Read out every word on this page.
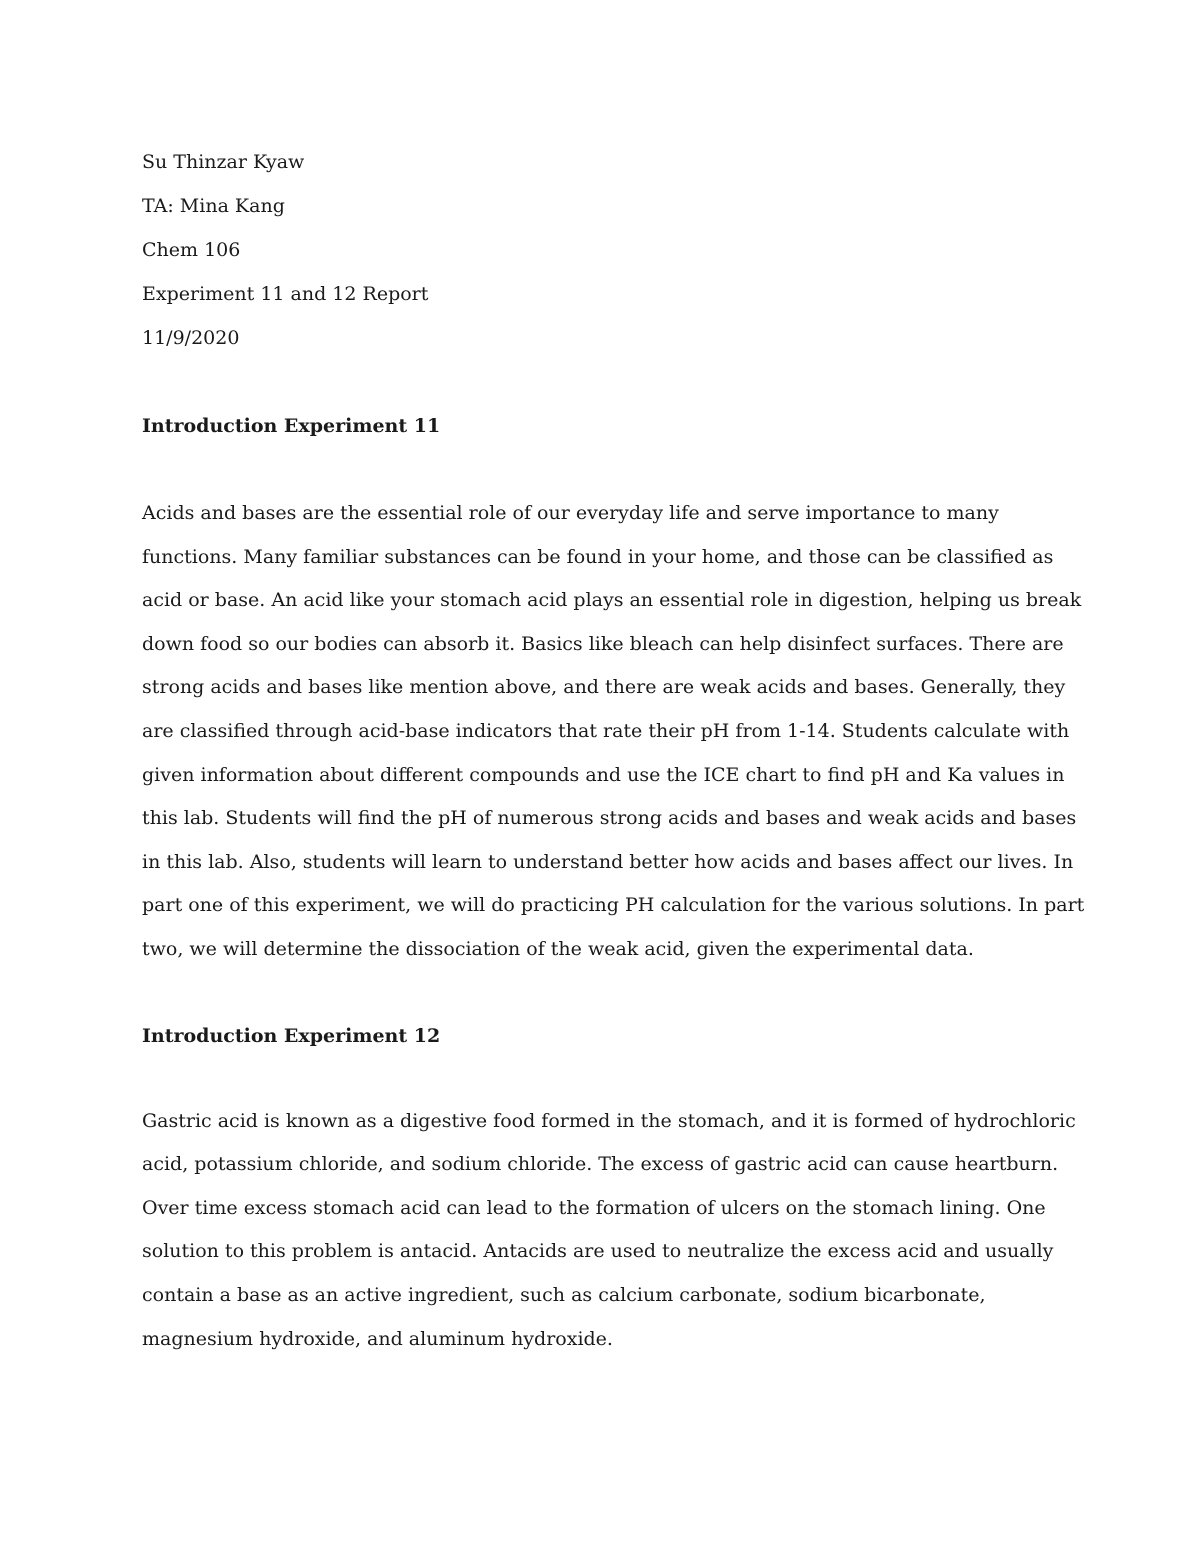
Su Thinzar Kyaw

TA: Mina Kang

Chem 106

Experiment 11 and 12 Report

11/9/2020

Introduction Experiment 11

Acids and bases are the essential role of our everyday life and serve importance to many

functions. Many familiar substances can be found in your home, and those can be classified as

acid or base. An acid like your stomach acid plays an essential role in digestion, helping us break

down food so our bodies can absorb it. Basics like bleach can help disinfect surfaces. There are

strong acids and bases like mention above, and there are weak acids and bases. Generally, they

are classified through acid-base indicators that rate their pH from 1-14. Students calculate with

given information about different compounds and use the ICE chart to find pH and Ka values in

this lab. Students will find the pH of numerous strong acids and bases and weak acids and bases

in this lab. Also, students will learn to understand better how acids and bases affect our lives. In

part one of this experiment, we will do practicing PH calculation for the various solutions. In part

two, we will determine the dissociation of the weak acid, given the experimental data.

Introduction Experiment 12

Gastric acid is known as a digestive food formed in the stomach, and it is formed of hydrochloric

acid, potassium chloride, and sodium chloride. The excess of gastric acid can cause heartburn.

Over time excess stomach acid can lead to the formation of ulcers on the stomach lining. One

solution to this problem is antacid. Antacids are used to neutralize the excess acid and usually

contain a base as an active ingredient, such as calcium carbonate, sodium bicarbonate,

magnesium hydroxide, and aluminum hydroxide.
